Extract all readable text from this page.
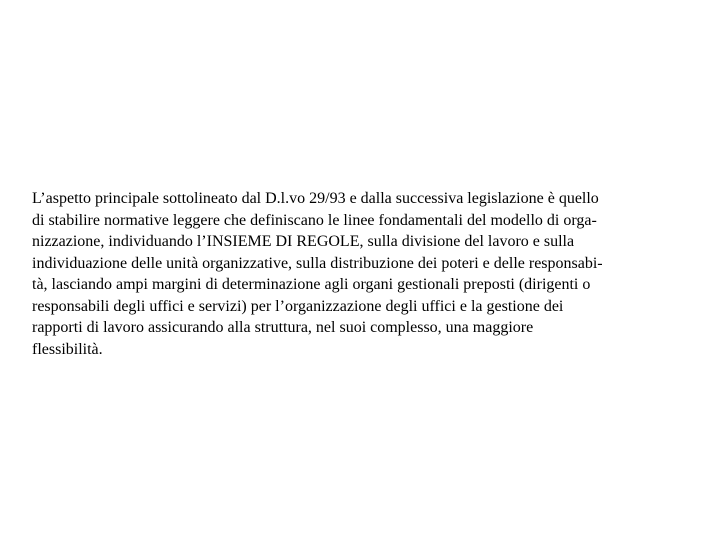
L’aspetto principale sottolineato dal D.l.vo 29/93 e dalla successiva legislazione è quello
di stabilire normative leggere che definiscano le linee fondamentali del modello di orga-
nizzazione, individuando l’INSIEME DI REGOLE, sulla divisione del lavoro e sulla
individuazione delle unità organizzative, sulla distribuzione dei poteri e delle responsabi-
tà, lasciando ampi margini di determinazione agli organi gestionali preposti (dirigenti o
responsabili degli uffici e servizi) per l’organizzazione degli uffici e la gestione dei
rapporti di lavoro assicurando alla struttura, nel suoi complesso, una maggiore
flessibilità.
